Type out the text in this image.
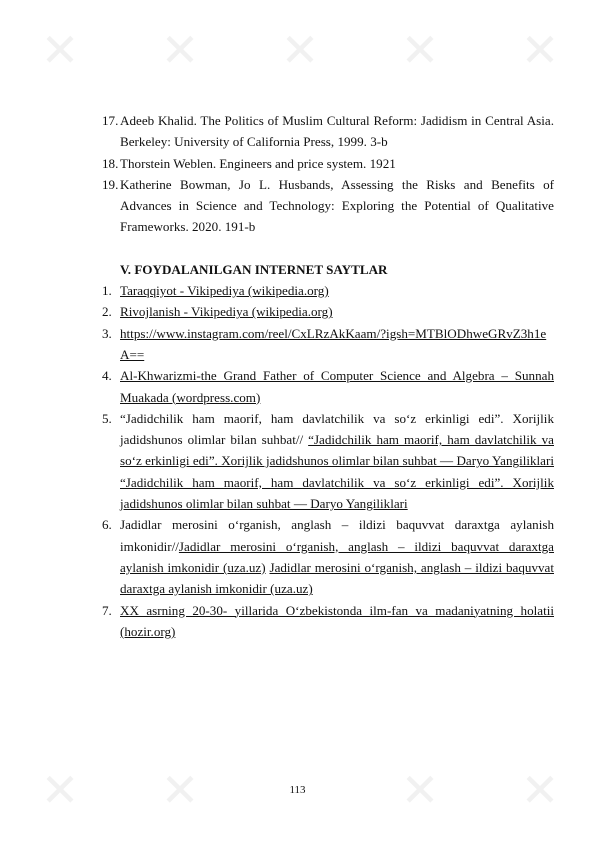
✕ ✕ ✕ ✕ ✕
✕ ✕	✕ ✕
17. Adeeb Khalid. The Politics of Muslim Cultural Reform: Jadidism in Central Asia. Berkeley: University of California Press, 1999. 3-b
18. Thorstein Weblen. Engineers and price system. 1921
19. Katherine Bowman, Jo L. Husbands, Assessing the Risks and Benefits of Advances in Science and Technology: Exploring the Potential of Qualitative Frameworks. 2020. 191-b
V. FOYDALANILGAN INTERNET SAYTLAR
1. Taraqqiyot - Vikipediya (wikipedia.org)
2. Rivojlanish - Vikipediya (wikipedia.org)
3. https://www.instagram.com/reel/CxLRzAkKaam/?igsh=MTBlODhweGRvZ3h1eA==
4. Al-Khwarizmi-the Grand Father of Computer Science and Algebra – Sunnah Muakada (wordpress.com)
5. “Jadidchilik ham maorif, ham davlatchilik va so‘z erkinligi edi”. Xorijlik jadidshunos olimlar bilan suhbat// “Jadidchilik ham maorif, ham davlatchilik va so‘z erkinligi edi”. Xorijlik jadidshunos olimlar bilan suhbat — Daryo Yangiliklari “Jadidchilik ham maorif, ham davlatchilik va so‘z erkinligi edi”. Xorijlik jadidshunos olimlar bilan suhbat — Daryo Yangiliklari
6. Jadidlar merosini o‘rganish, anglash – ildizi baquvvat daraxtga aylanish imkonidir//Jadidlar merosini o‘rganish, anglash – ildizi baquvvat daraxtga aylanish imkonidir (uza.uz) Jadidlar merosini o‘rganish, anglash – ildizi baquvvat daraxtga aylanish imkonidir (uza.uz)
7. XX asrning 20-30- yillarida O‘zbekistonda ilm-fan va madaniyatning holatii (hozir.org)
113
